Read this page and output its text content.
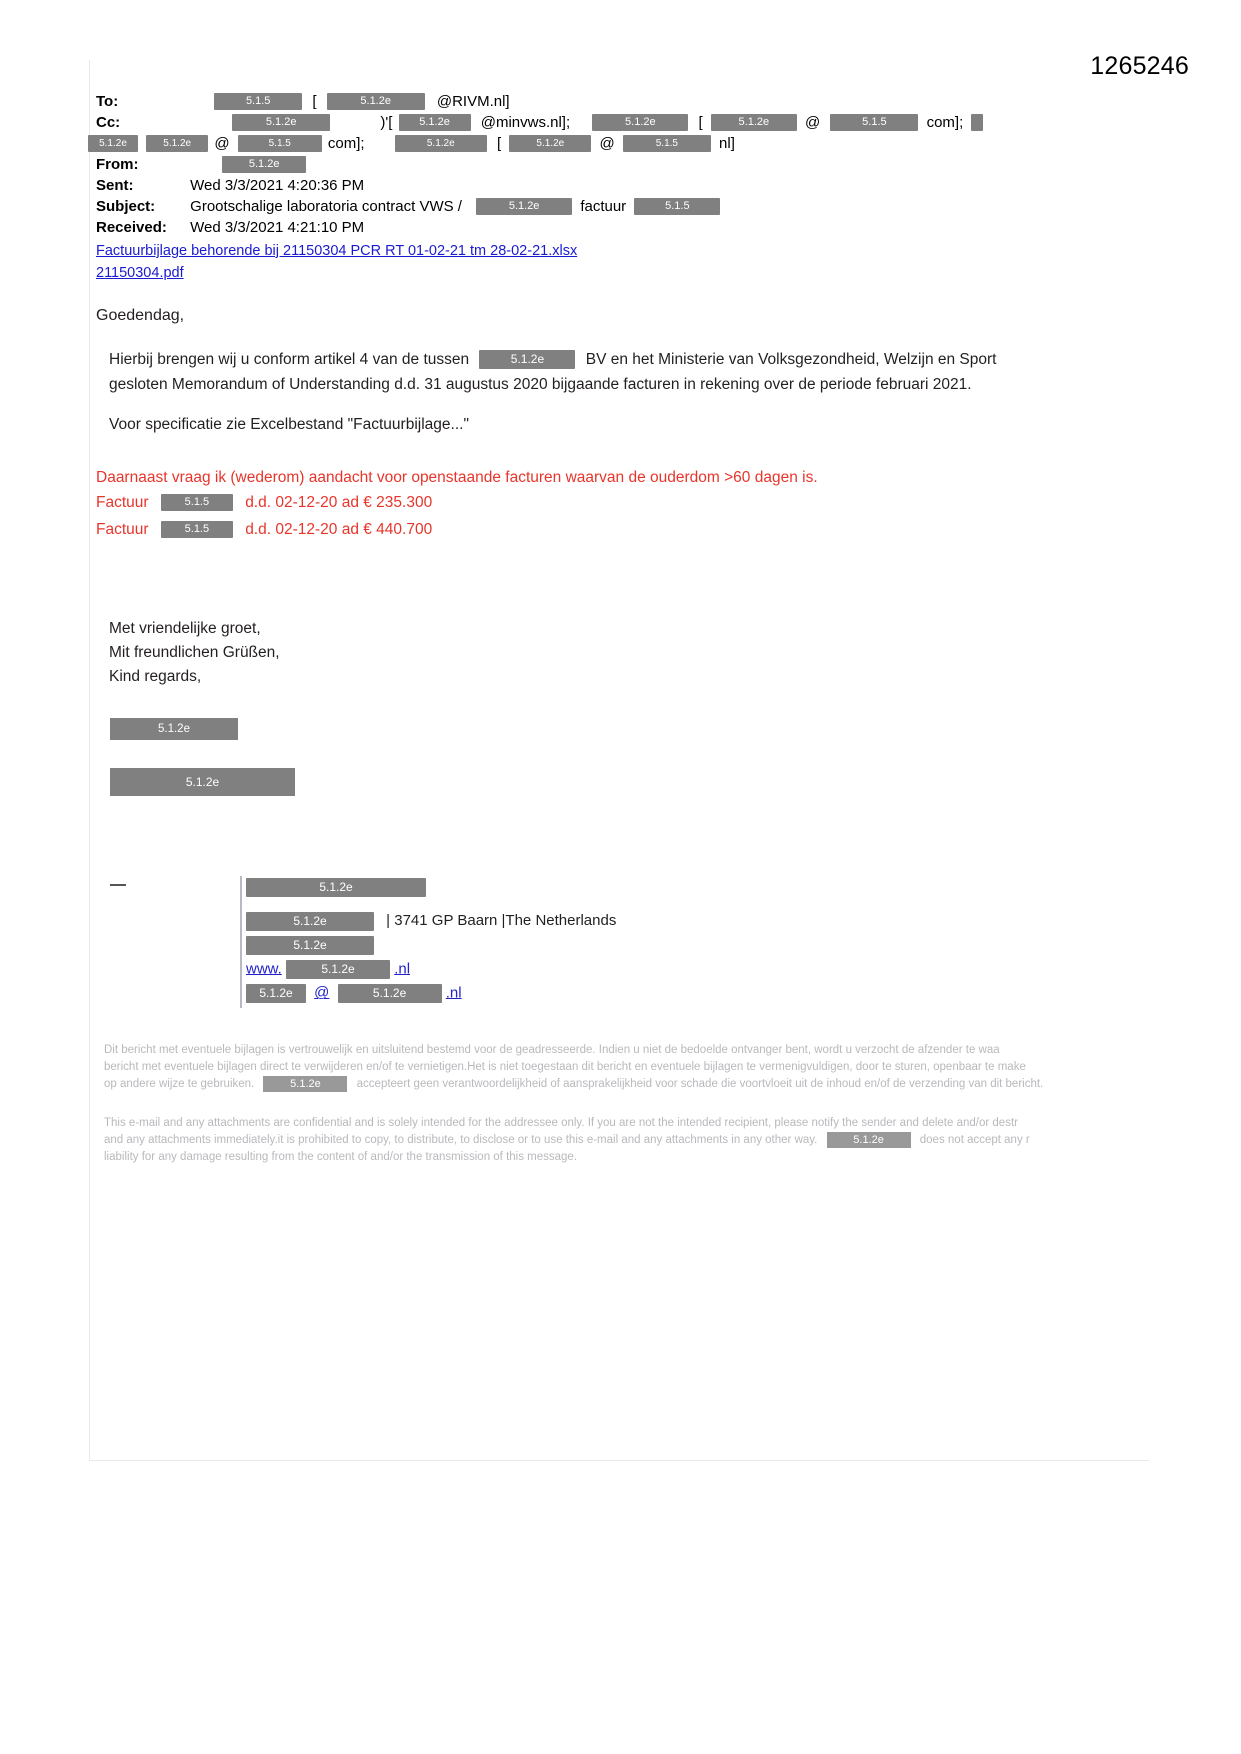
1265246
To:	5.1.5	[	5.1.2e	@RIVM.nl]
Cc:	5.1.2e	)'[ 5.1.2e @minvws.nl];	5.1.2e	[	5.1.2e @	5.1.5	com];
5.1.2e	5.1.2e @	5.1.5 com];	5.1.2e	[	5.1.2e @	5.1.5	nl]
From:	5.1.2e
Sent:	Wed 3/3/2021 4:20:36 PM
Subject: Grootschalige laboratoria contract VWS /	5.1.2e	factuur	5.1.5
Received: Wed 3/3/2021 4:21:10 PM
Factuurbijlage behorende bij 21150304 PCR RT 01-02-21 tm 28-02-21.xlsx
21150304.pdf
Goedendag,
Hierbij brengen wij u conform artikel 4 van de tussen	5.1.2e	BV en het Ministerie van Volksgezondheid, Welzijn en Sport
gesloten Memorandum of Understanding d.d. 31 augustus 2020 bijgaande facturen in rekening over de periode februari 2021.
Voor specificatie zie Excelbestand "Factuurbijlage..."
Daarnaast vraag ik (wederom) aandacht voor openstaande facturen waarvan de ouderdom >60 dagen is.
Factuur	5.1.5 d.d. 02-12-20 ad € 235.300
Factuur	5.1.5 d.d. 02-12-20 ad € 440.700
Met vriendelijke groet,
Mit freundlichen Grüßen,
Kind regards,
5.1.2e
5.1.2e
5.1.2e
5.1.2e	| 3741 GP Baarn |The Netherlands
5.1.2e
www.	5.1.2e	.nl
5.1.2e @	5.1.2e	.nl
Dit bericht met eventuele bijlagen is vertrouwelijk en uitsluitend bestemd voor de geadresseerde. Indien u niet de bedoelde ontvanger bent, wordt u verzocht de afzender te waa
bericht met eventuele bijlagen direct te verwijderen en/of te vernietigen.Het is niet toegestaan dit bericht en eventuele bijlagen te vermenigvuldigen, door te sturen, openbaar te make
op andere wijze te gebruiken.	5.1.2e	accepteert geen verantwoordelijkheid of aansprakelijkheid voor schade die voortvloeit uit de inhoud en/of de verzending van dit bericht.
This e-mail and any attachments are confidential and is solely intended for the addressee only. If you are not the intended recipient, please notify the sender and delete and/or destr
and any attachments immediately.it is prohibited to copy, to distribute, to disclose or to use this e-mail and any attachments in any other way.	5.1.2e	does not accept any r
liability for any damage resulting from the content of and/or the transmission of this message.
